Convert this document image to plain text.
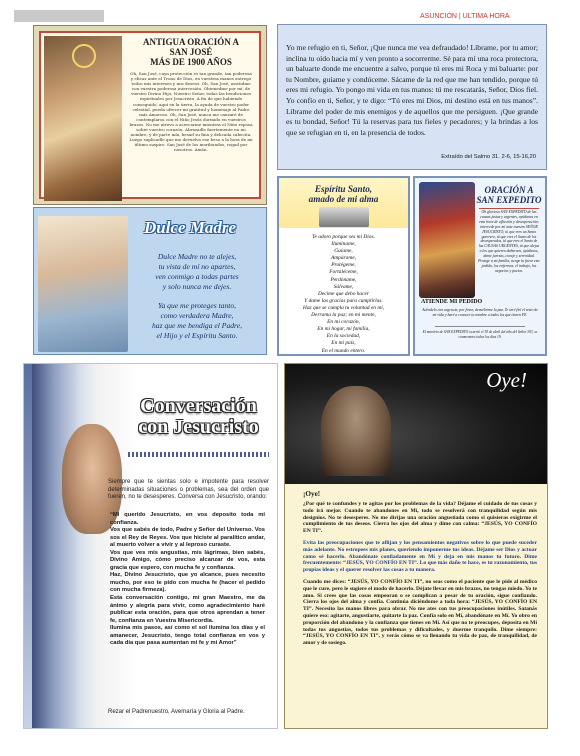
ASUNCIÓN | ULTIMA HORA
ANTIGUA ORACIÓN A
SAN JOSÉ
MÁS DE 1900 AÑOS
Oh, San José, cuya protección es tan grande, tan poderosa y eficaz ante el Trono de Dios, en vuestras manos entrego todos mis intereses y mis deseos. Oh, San José, asistidme con vuestra poderosa intercesión. Obtenedme por mí, de vuestro Divino Hijo, Nuestro Señor, todas las bendiciones espirituales por Jesucristo. A fin de que habiendo conseguido, aquí en la tierra, la ayuda de vuestro poder celestial, pueda ofrecer mi gratitud y homenaje al Padre más Amoroso. Oh, San José, nunca me canzaré de contemplaros con el Niño Jesús dormido en vuestros brazos. No me atrevo a acercarme mientras el Niño reposa sobre vuestro corazón. Abrazadle fuertemente en mi nombre, y de parte mía, besad su fina y delicada cabecita. Luego suplicadle que me devuelva ese beso a la hora de mi último suspiro. San José de los moribundos, rogad por nosotros. Amén.
Dulce Madre
Dulce Madre no te alejes,
tu vista de mí no apartes,
ven conmigo a todas partes
y solo nunca me dejes.
Ya que me proteges tanto,
como verdadera Madre,
haz que me bendiga el Padre,
el Hijo y el Espíritu Santo.
Yo me refugio en ti, Señor, ¡Que nunca me vea defraudado! Líbrame, por tu amor; inclina tu oído hacia mí y ven pronto a socorrerme. Sé para mí una roca protectora, un baluarte donde me encuentre a salvo, porque tú eres mi Roca y mi baluarte: por tu Nombre, guíame y condúceme. Sácame de la red que me han tendido, porque tú eres mi refugio. Yo pongo mi vida en tus manos: tú me rescatarás, Señor, Dios fiel. Yo confío en ti, Señor, y te digo: “Tú eres mi Dios, mi destino está en tus manos”. Líbrame del poder de mis enemigos y de aquellos que me persiguen. ¡Que grande es tu bondad, Señor! Tú la reservas para tus fieles y pecadores; y la brindas a los que se refugian en ti, en la presencia de todos.
Extraído del Salmo 31. 2-6, 15-16,20
Espíritu Santo,
amado de mi alma
Te adoro porque ses mi Dios.
Ilumíname,
Guíame,
Ampárame,
Protégeme,
Fortaléceme,
Perdóname,
Sálvame,
Decime que debo hacer
Y dame las gracias para cumplirlas.
Haz que se cumpla tu voluntad en mí,
Derrama la paz; en mi mente,
En mi corazón,
En mi hogar, mi familia,
En la sociedad,
En mi país,
En el mundo entero.
ORACIÓN A
SAN EXPEDITO
Oh glorioso SAN EXPEDITO de las causas justas y urgentes, ayúdanos en esta hora de aflicción y desesperación; intercede por mí ante nuestro SEÑOR JESUCRISTO, tú que eres un Santo guerrero, tú que eres el Santo de los desesperados, tú que eres el Santo de las CAUSAS URGENTES, tú que alejas a los que quieren dañarnos, ayúdanos, dame fuerzas, coraje y serenidad. Protege a mi familia, acoge tu favor este pedido, los enfermos, el trabajo, los negocios y pactos.
ATIENDE MI PEDIDO
Atiéndelo con urgencia, por favor, devuélveme la paz. Te seré fiel el resto de mi vida y haré a conocer tu nombre a todos los que tienen FE.
El martirio de SAN EXPEDITO ocurrió el 19 de abril del año del Señor 303, se conmemora todos los días 19.
Conversación
con Jesucristo
Siempre que te sientas solo e impotente para resolver determinadas situaciones o problemas, sea del orden que fueren, no te desesperes. Conversa con Jesucristo, orando:

“Mi querido Jesucristo, en vos deposito toda mi confianza.

Vos que sabés de todo, Padre y Señor del Universo. Vos sos el Rey de Reyes. Vos que hiciste al paralítico andar, al muerto volver a vivir y al leproso curaste.

Vos que ves mis angustias, mis lágrimas, bien sabés, Divino Amigo, cómo preciso alcanzar de vos, esta gracia que espero, con mucha fe y confianza.

Haz, Divino Jesucristo, que yo alcance, pues necesito mucho, por eso te pido con mucha fe (hacer el pedido con mucha firmeza).

Esta conversación contigo, mi gran Maestro, me da ánimo y alegría para vivir, como agradecimiento haré publicar esta oración, para que otros aprendan a tener fe, confianza en Vuestra Misericordia.

Ilumina mis pasos, así como el sol ilumina los días y el amanecer, Jesucristo, tengo total confianza en vos y cada día que pasa aumentan mi fe y mi Amor”

Rezar el Padrenuestro, Avemaría y Gloria al Padre.
Oye!
¡Oye!

¿Por qué te confundes y te agitas por los problemas de la vida? Déjame el cuidado de tus cosas y todo irá mejor. Cuando te abandones en Mí, todo se resolverá con tranquilidad según mis designios. No te desesperes. No me dirijas una oración angustiada como si quisieras exigirme el cumplimiento de tus deseos. Cierra los ojos del alma y dime con calma: “JESÚS, YO CONFÍO EN TI”.

Evita las preocupaciones que te aflijan y los pensamientos negativos sobre lo que puede suceder más adelante. No estropees mis planes, queriendo imponerme tus ideas. Déjame ser Dios y actuar como sé hacerlo. Abandónate confiadamente en Mí y deja en mis manos tu futuro. Dime frecuentemente: “JESÚS, YO CONFÍO EN TI”. Lo que más daño te hace, es tu razonamiento, tus propias ideas y el querer resolver las cosas a tu manera.

Cuando me dices: “JESÚS, YO CONFÍO EN TI”, no seas como el paciente que le pide al médico que le cure, pero le sugiere el modo de hacerlo. Déjate llevar en mis brazos, no tengas miedo. Yo te amo. Si crees que las cosas empeoran o se complican a pesar de tu oración, sigue confiando. Cierra los ojos del alma y confía. Continúa diciéndome a toda hora: “JESÚS, YO CONFÍO EN TI”. Necesito las manos libres para obrar. No me ates con tus preocupaciones inútiles. Satanás quiere eso: agitarte, angustiarte, quitarte la paz. Confía solo en Mí, abandónate en Mí. Yo obro en proporción del abandono y la confianza que tienes en Mí. Así que no te preocupes, deposita en Mí todas tus angustias, todos tus problemas y dificultades, y duerme tranquilo. Dime siempre: “JESÚS, YO CONFÍO EN TI”, y verás cómo se va llenando tu vida de paz, de tranquilidad, de amor y de sosiego.
